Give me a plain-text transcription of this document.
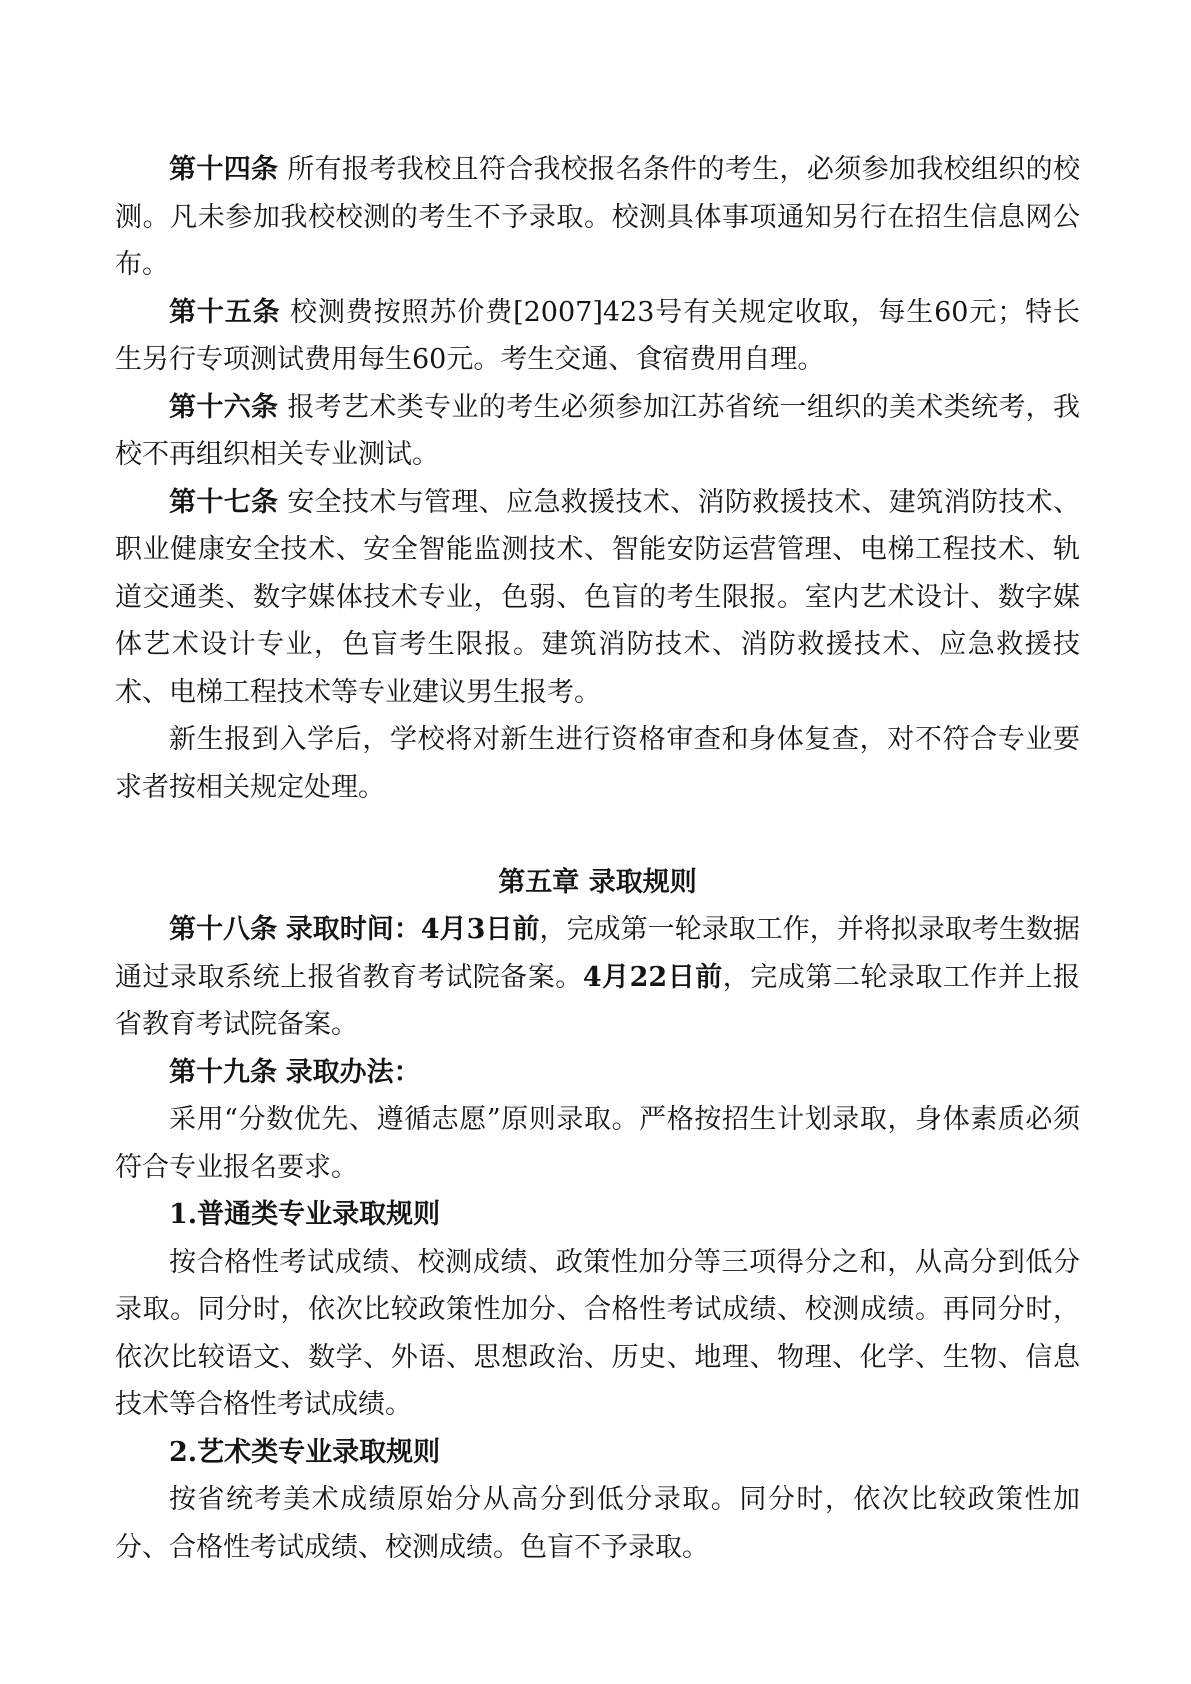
第十四条 所有报考我校且符合我校报名条件的考生，必须参加我校组织的校测。凡未参加我校校测的考生不予录取。校测具体事项通知另行在招生信息网公布。

第十五条 校测费按照苏价费[2007]423号有关规定收取，每生60元；特长生另行专项测试费用每生60元。考生交通、食宿费用自理。

第十六条 报考艺术类专业的考生必须参加江苏省统一组织的美术类统考，我校不再组织相关专业测试。

第十七条 安全技术与管理、应急救援技术、消防救援技术、建筑消防技术、职业健康安全技术、安全智能监测技术、智能安防运营管理、电梯工程技术、轨道交通类、数字媒体技术专业，色弱、色盲的考生限报。室内艺术设计、数字媒体艺术设计专业，色盲考生限报。建筑消防技术、消防救援技术、应急救援技术、电梯工程技术等专业建议男生报考。

新生报到入学后，学校将对新生进行资格审查和身体复查，对不符合专业要求者按相关规定处理。

第五章 录取规则

第十八条 录取时间：4月3日前，完成第一轮录取工作，并将拟录取考生数据通过录取系统上报省教育考试院备案。4月22日前，完成第二轮录取工作并上报省教育考试院备案。

第十九条 录取办法：

采用“分数优先、遵循志愿”原则录取。严格按招生计划录取，身体素质必须符合专业报名要求。

1.普通类专业录取规则

按合格性考试成绩、校测成绩、政策性加分等三项得分之和，从高分到低分录取。同分时，依次比较政策性加分、合格性考试成绩、校测成绩。再同分时，依次比较语文、数学、外语、思想政治、历史、地理、物理、化学、生物、信息技术等合格性考试成绩。

2.艺术类专业录取规则

按省统考美术成绩原始分从高分到低分录取。同分时，依次比较政策性加分、合格性考试成绩、校测成绩。色盲不予录取。
